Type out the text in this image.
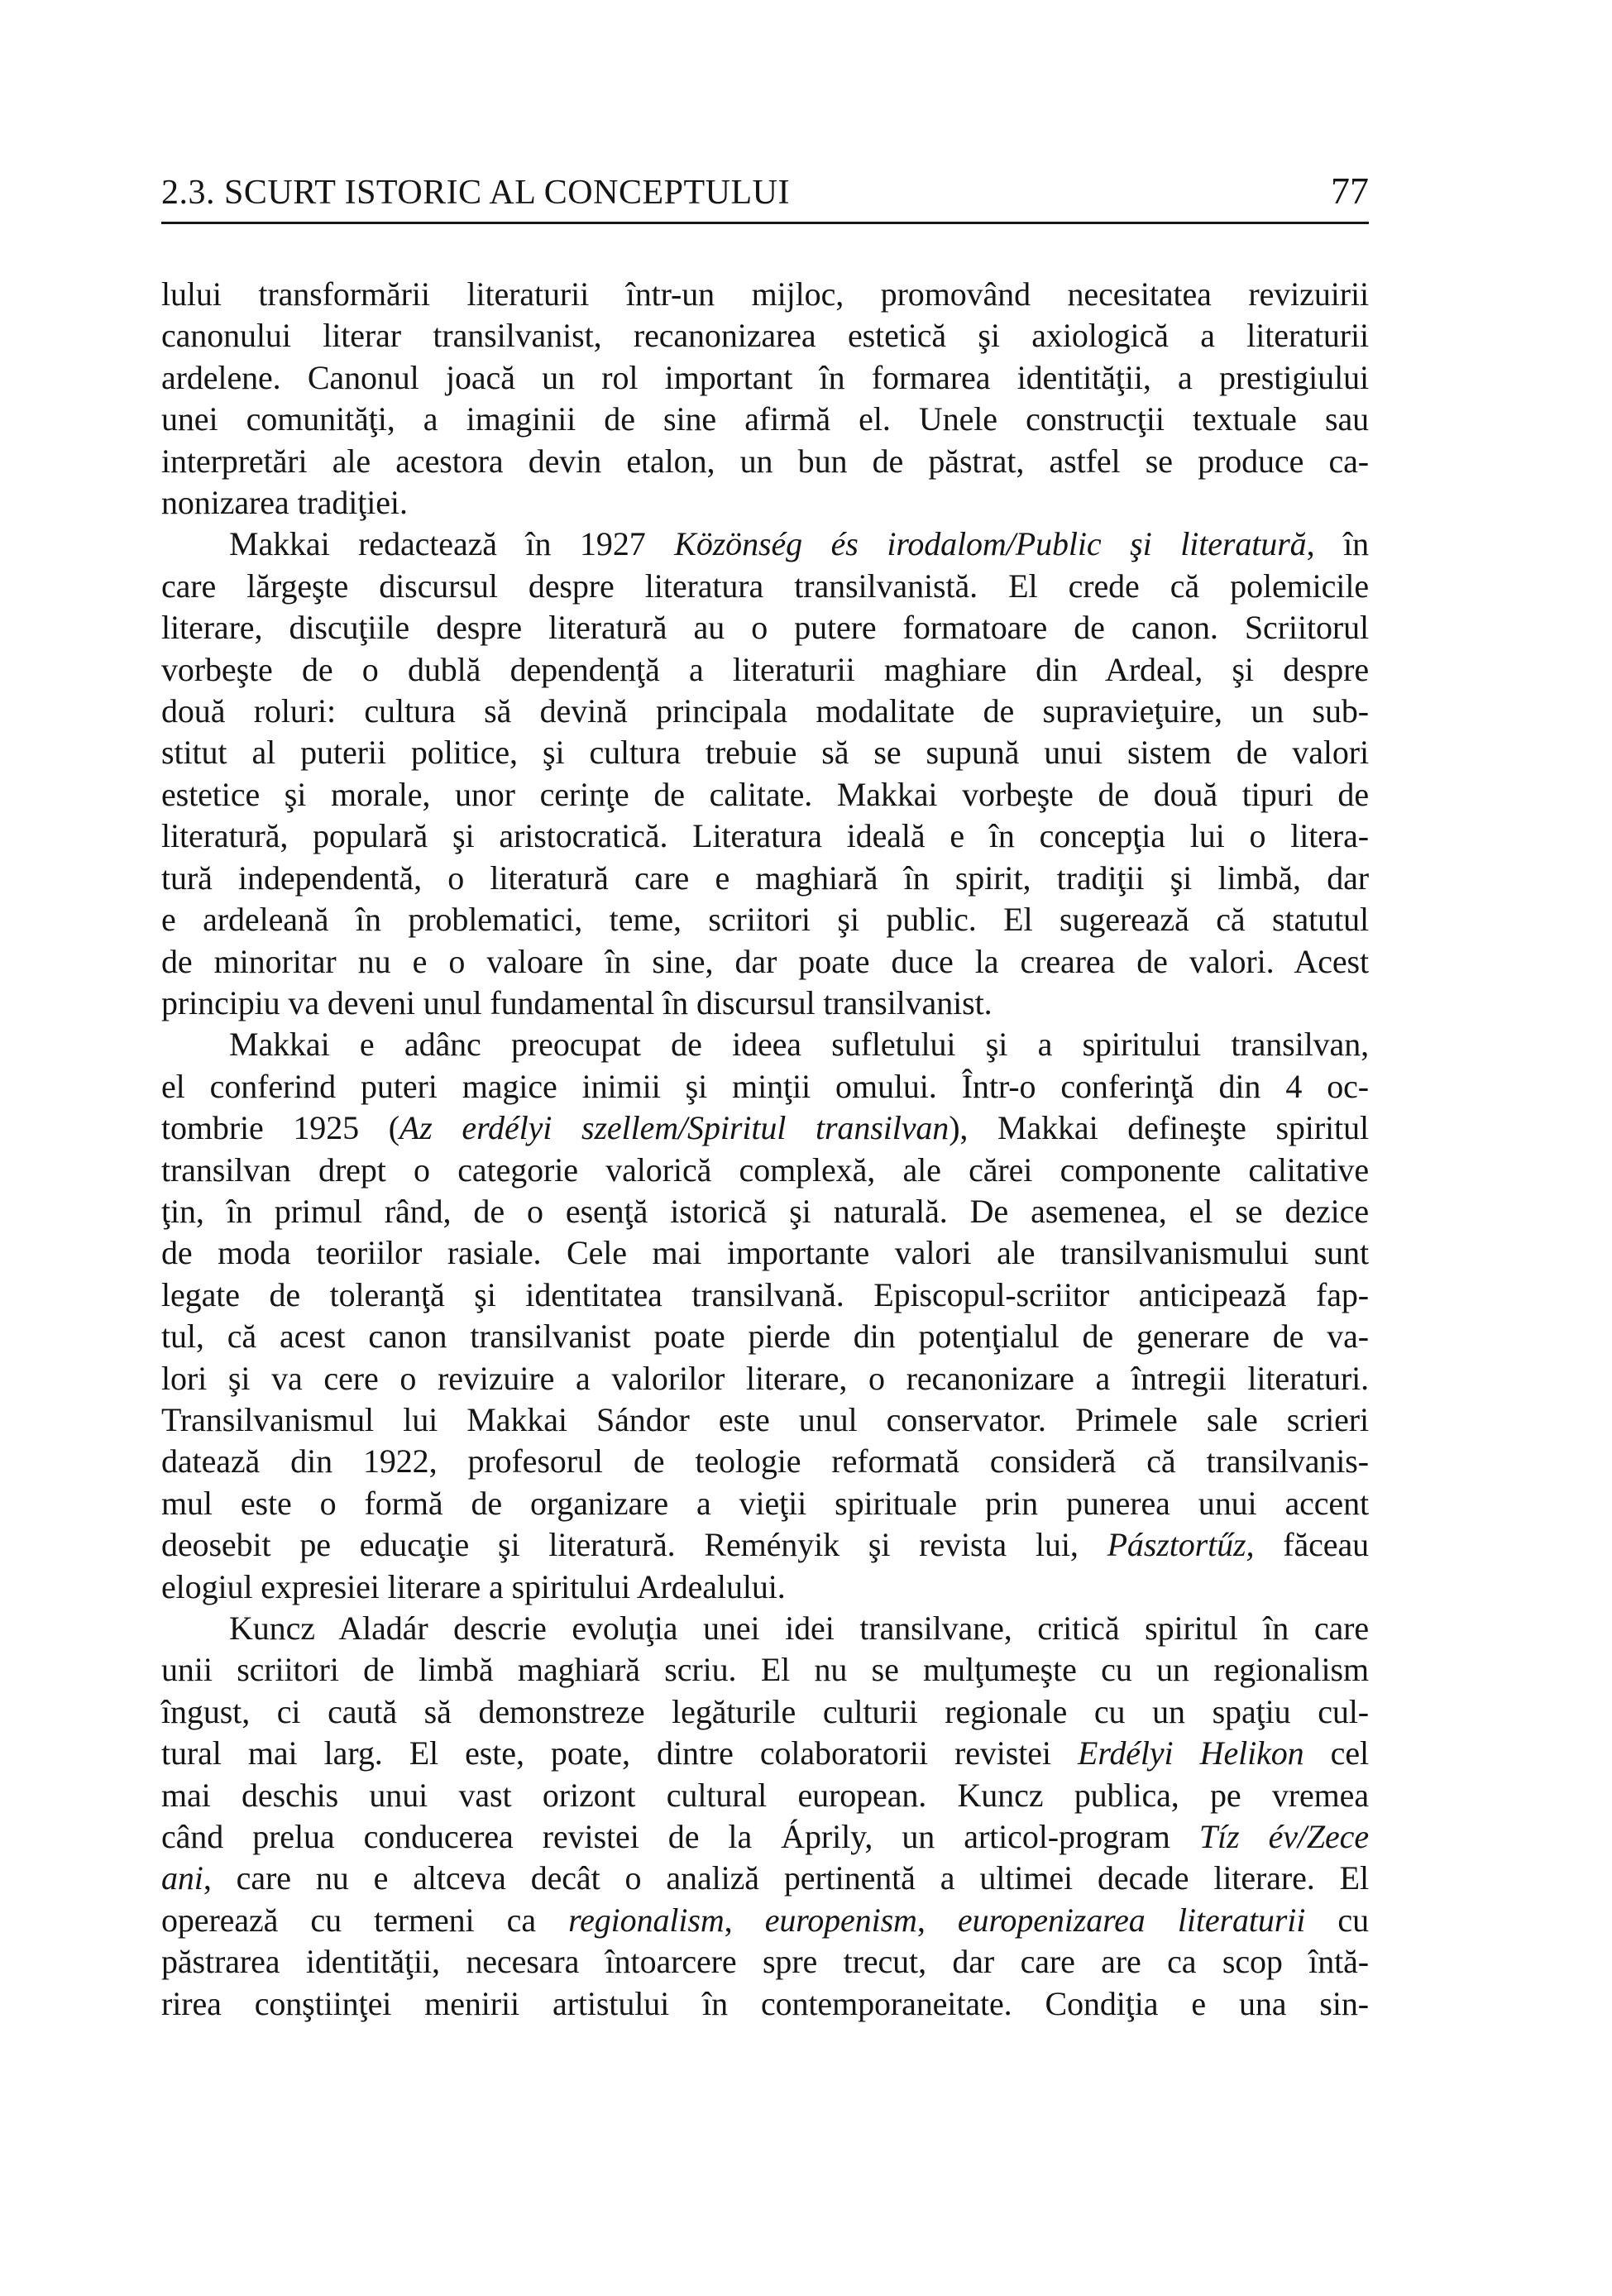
2.3. SCURT ISTORIC AL CONCEPTULUI	77
lului transformării literaturii într-un mijloc, promovând necesitatea revizuirii
canonului literar transilvanist, recanonizarea estetică şi axiologică a literaturii
ardelene. Canonul joacă un rol important în formarea identităţii, a prestigiului
unei comunităţi, a imaginii de sine afirmă el. Unele construcţii textuale sau
interpretări ale acestora devin etalon, un bun de păstrat, astfel se produce ca-
nonizarea tradiţiei.
Makkai redactează în 1927 Közönség és irodalom/Public şi literatură, în
care lărgeşte discursul despre literatura transilvanistă. El crede că polemicile
literare, discuţiile despre literatură au o putere formatoare de canon. Scriitorul
vorbeşte de o dublă dependenţă a literaturii maghiare din Ardeal, şi despre
două roluri: cultura să devină principala modalitate de supravieţuire, un sub-
stitut al puterii politice, şi cultura trebuie să se supună unui sistem de valori
estetice şi morale, unor cerinţe de calitate. Makkai vorbeşte de două tipuri de
literatură, populară şi aristocratică. Literatura ideală e în concepţia lui o litera-
tură independentă, o literatură care e maghiară în spirit, tradiţii şi limbă, dar
e ardeleană în problematici, teme, scriitori şi public. El sugerează că statutul
de minoritar nu e o valoare în sine, dar poate duce la crearea de valori. Acest
principiu va deveni unul fundamental în discursul transilvanist.
Makkai e adânc preocupat de ideea sufletului şi a spiritului transilvan,
el conferind puteri magice inimii şi minţii omului. Într-o conferinţă din 4 oc-
tombrie 1925 (Az erdélyi szellem/Spiritul transilvan), Makkai defineşte spiritul
transilvan drept o categorie valorică complexă, ale cărei componente calitative
ţin, în primul rând, de o esenţă istorică şi naturală. De asemenea, el se dezice
de moda teoriilor rasiale. Cele mai importante valori ale transilvanismului sunt
legate de toleranţă şi identitatea transilvană. Episcopul-scriitor anticipează fap-
tul, că acest canon transilvanist poate pierde din potenţialul de generare de va-
lori şi va cere o revizuire a valorilor literare, o recanonizare a întregii literaturi.
Transilvanismul lui Makkai Sándor este unul conservator. Primele sale scrieri
datează din 1922, profesorul de teologie reformată consideră că transilvanis-
mul este o formă de organizare a vieţii spirituale prin punerea unui accent
deosebit pe educaţie şi literatură. Reményik şi revista lui, Pásztortűz, făceau
elogiul expresiei literare a spiritului Ardealului.
Kuncz Aladár descrie evoluţia unei idei transilvane, critică spiritul în care
unii scriitori de limbă maghiară scriu. El nu se mulţumeşte cu un regionalism
îngust, ci caută să demonstreze legăturile culturii regionale cu un spaţiu cul-
tural mai larg. El este, poate, dintre colaboratorii revistei Erdélyi Helikon cel
mai deschis unui vast orizont cultural european. Kuncz publica, pe vremea
când prelua conducerea revistei de la Áprily, un articol-program Tíz év/Zece
ani, care nu e altceva decât o analiză pertinentă a ultimei decade literare. El
operează cu termeni ca regionalism, europenism, europenizarea literaturii cu
păstrarea identităţii, necesara întoarcere spre trecut, dar care are ca scop întă-
rirea conştiinţei menirii artistului în contemporaneitate. Condiţia e una sin-
